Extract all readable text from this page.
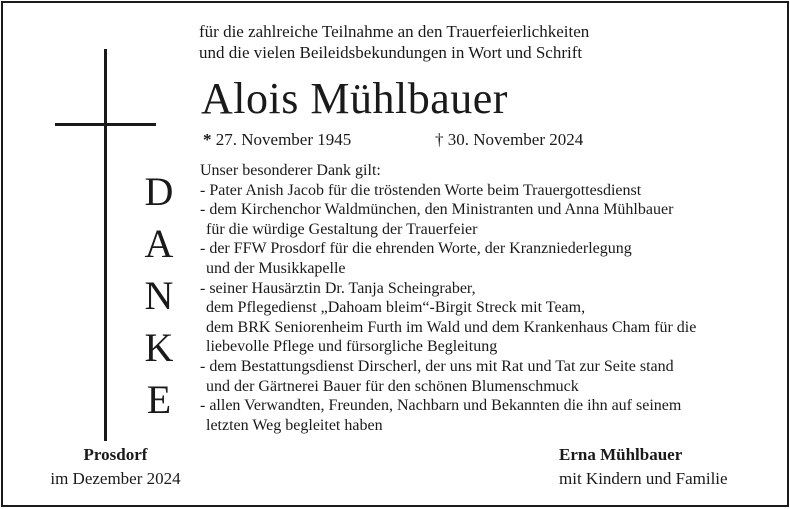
für die zahlreiche Teilnahme an den Trauerfeierlichkeiten
und die vielen Beileidsbekundungen in Wort und Schrift
Alois Mühlbauer
* 27. November 1945	† 30. November 2024
D
A
N
K
E
Unser besonderer Dank gilt:
- Pater Anish Jacob für die tröstenden Worte beim Trauergottesdienst
- dem Kirchenchor Waldmünchen, den Ministranten und Anna Mühlbauer
für die würdige Gestaltung der Trauerfeier
- der FFW Prosdorf für die ehrenden Worte, der Kranzniederlegung
und der Musikkapelle
- seiner Hausärztin Dr. Tanja Scheingraber,
dem Pflegedienst „Dahoam bleim“-Birgit Streck mit Team,
dem BRK Seniorenheim Furth im Wald und dem Krankenhaus Cham für die
liebevolle Pflege und fürsorgliche Begleitung
- dem Bestattungsdienst Dirscherl, der uns mit Rat und Tat zur Seite stand
und der Gärtnerei Bauer für den schönen Blumenschmuck
- allen Verwandten, Freunden, Nachbarn und Bekannten die ihn auf seinem
letzten Weg begleitet haben
Prosdorf
im Dezember 2024
Erna Mühlbauer
mit Kindern und Familie
